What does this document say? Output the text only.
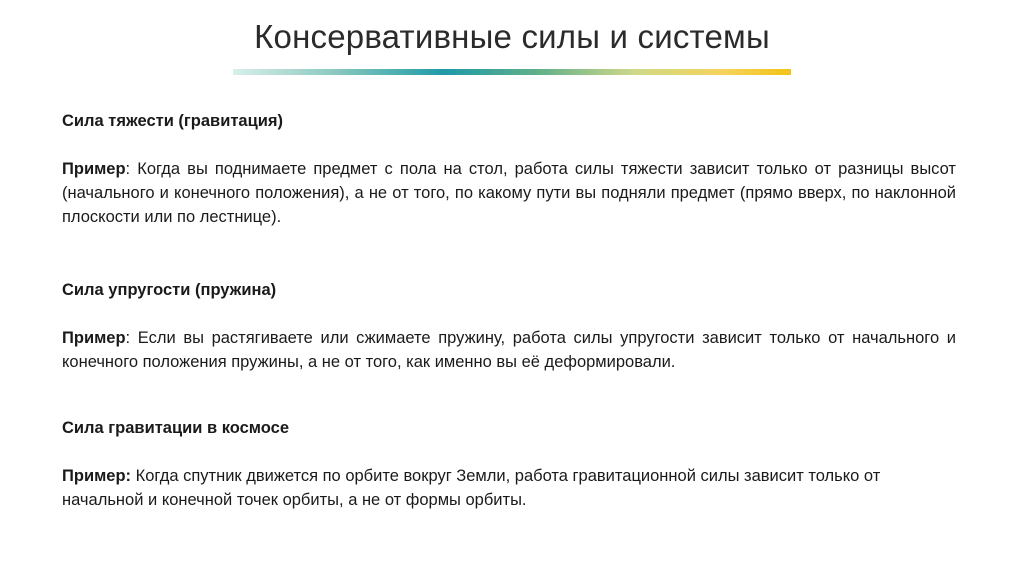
Консервативные силы и системы

Сила тяжести (гравитация)

Пример: Когда вы поднимаете предмет с пола на стол, работа силы тяжести зависит только от разницы высот (начального и конечного положения), а не от того, по какому пути вы подняли предмет (прямо вверх, по наклонной плоскости или по лестнице).

Сила упругости (пружина)

Пример: Если вы растягиваете или сжимаете пружину, работа силы упругости зависит только от начального и конечного положения пружины, а не от того, как именно вы её деформировали.

Сила гравитации в космосе

Пример: Когда спутник движется по орбите вокруг Земли, работа гравитационной силы зависит только от начальной и конечной точек орбиты, а не от формы орбиты.
